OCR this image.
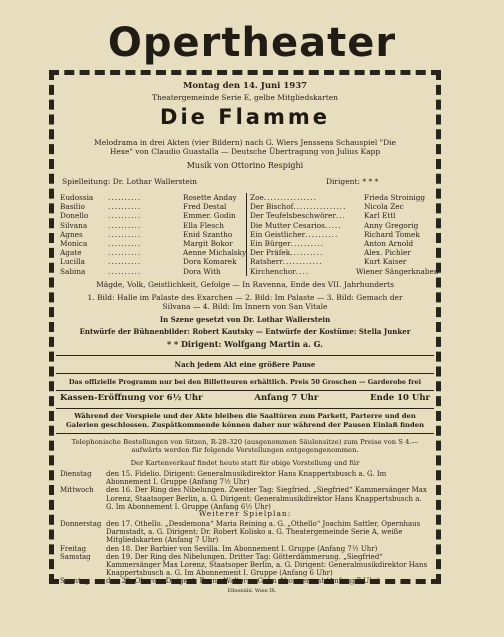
Opertheater
Montag den 14. Juni 1937
Theatergemeinde Serie E, gelbe Mitgliedskarten
Die Flamme
Melodrama in drei Akten (vier Bildern) nach G. Wiers Jenssens Schauspiel "Die
Hexe" von Claudio Guastalla — Deutsche Übertragung von Julius Kapp
Musik von Ottorino Respighi
Spielleitung: Dr. Lothar Wallerstein	Dirigent: * * *
Eudossia	..........	Rosette Anday
Basilio	..........	Fred Destal
Donello	..........	Emmer. Godin
Silvana	..........	Ella Flesch
Agnes	..........	Enid Szantho
Monica	..........	Margit Bokor
Agate	..........	Aenne Michalsky
Lucilla	..........	Dora Komarek
Sabina	..........	Dora With
Zoe ................	Frieda Stroinigg
Der Bischof ................	Nicola Zec
Der Teufelsbeschwörer ...	Karl Ettl
Die Mutter Cesarios .....	Anny Gregorig
Ein Geistlicher ..........	Richard Tomek
Ein Bürger ..........	Anton Arnold
Der Präfek ..........	Alex. Pichler
Ratsherr ............	Kurt Kaiser
Kirchenchor ....	Wiener Sängerknaben
Mägde, Volk, Geistlichkeit, Gefolge — In Ravenna, Ende des VII. Jahrhunderts
1. Bild: Halle im Palaste des Exarchen — 2. Bild: Im Palaste — 3. Bild: Gemach der
Silvana — 4. Bild: Im Innern von San Vitale
In Szene gesetzt von Dr. Lothar Wallerstein
Entwürfe der Bühnenbilder: Robert Kautsky — Entwürfe der Kostüme: Stella Junker
* * Dirigent: Wolfgang Martin a. G.
Nach jedem Akt eine größere Pause
Das offizielle Programm nur bei den Billetteuren erhältlich. Preis 50 Groschen — Garderobe frei
Kassen-Eröffnung vor 6½ Uhr	Anfang 7 Uhr	Ende 10 Uhr
Während der Vorspiele und der Akte bleiben die Saaltüren zum Parkett, Parterre und den
Galerien geschlossen. Zuspätkommende können daher nur während der Pausen Einlaß finden
Telephonische Bestellungen von Sitzen, R-28-320 (ausgenommen Säulensitze) zum Preise von S 4.—
aufwärts werden für folgende Vorstellungen entgegengenommen.
Der Kartenverkauf findet heute statt für obige Vorstellung und für
Dienstag	den 15. Fidelio. Dirigent: Generalmusikdirektor Hans Knappertsbusch a. G. Im Abonnement I. Gruppe (Anfang 7½ Uhr)
Mittwoch	den 16. Der Ring des Nibelungen. Zweiter Tag: Siegfried. „Siegfried“ Kammersänger Max Lorenz, Staatsoper Berlin, a. G. Dirigent: Generalmusikdirektor Hans Knappertsbusch a. G. Im Abonnement I. Gruppe (Anfang 6½ Uhr)
Weiterer Spielplan:
Donnerstag den 17. Othello. „Desdemona“ Maria Reining a. G. „Othello“ Joachim Sattler, Opernhaus Darmstadt, a. G. Dirigent: Dr. Robert Kolisko a. G. Theatergemeinde Serie A, weiße Mitgliedskarten (Anfang 7 Uhr)
Freitag	den 18. Der Barbier von Sevilla. Im Abonnement I. Gruppe (Anfang 7½ Uhr)
Samstag	den 19. Der Ring des Nibelungen. Dritter Tag: Götterdämmerung. „Siegfried“ Kammersänger Max Lorenz, Staatsoper Berlin, a. G. Dirigent: Generalmusikdirektor Hans Knappertsbusch a. G. Im Abonnement I. Gruppe (Anfang 6 Uhr)
Sonntag	den 20. Oberon. Dirigent: Bruno Walter a. G. Im Abonnement (Anfang 7 Uhr)
Elbemühl. Wien IX.
